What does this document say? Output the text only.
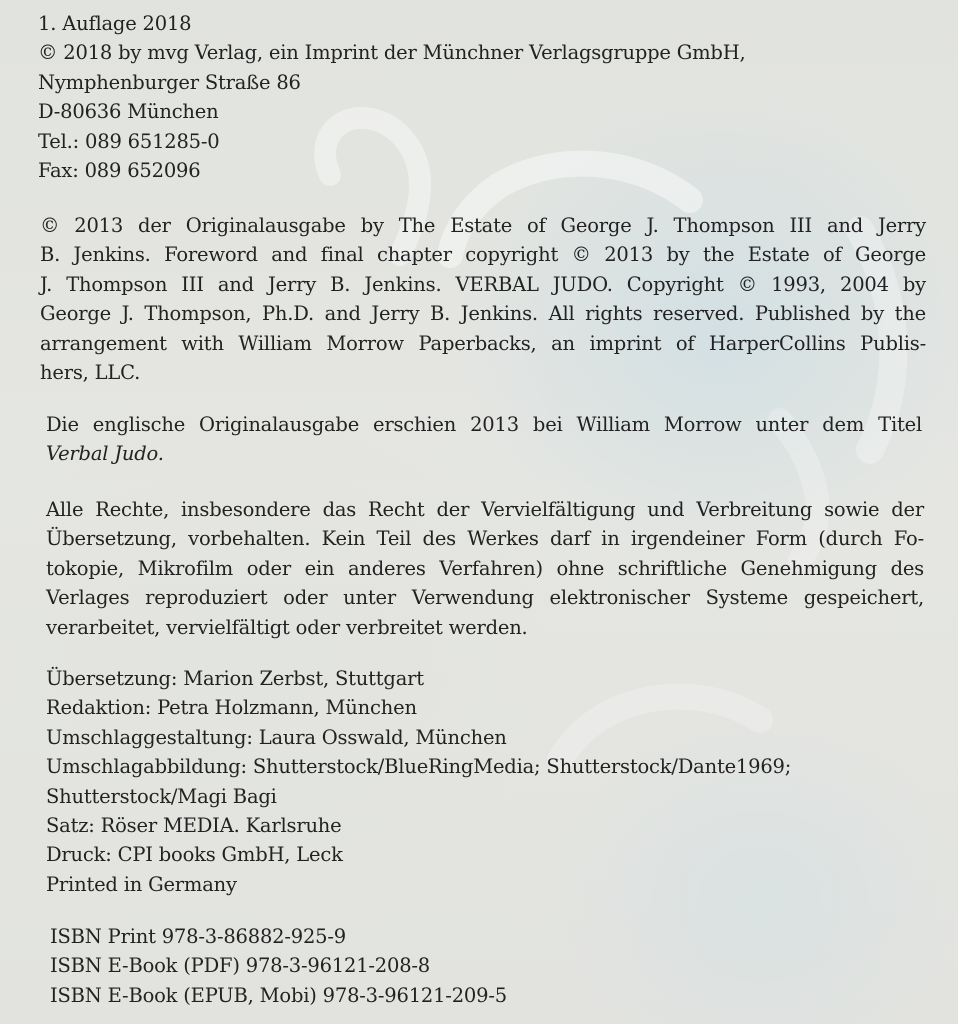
1. Auflage 2018
© 2018 by mvg Verlag, ein Imprint der Münchner Verlagsgruppe GmbH,
Nymphenburger Straße 86
D-80636 München
Tel.: 089 651285-0
Fax: 089 652096
© 2013 der Originalausgabe by The Estate of George J. Thompson III and Jerry
B. Jenkins. Foreword and final chapter copyright © 2013 by the Estate of George
J. Thompson III and Jerry B. Jenkins. VERBAL JUDO. Copyright © 1993, 2004 by
George J. Thompson, Ph.D. and Jerry B. Jenkins. All rights reserved. Published by the
arrangement with William Morrow Paperbacks, an imprint of HarperCollins Publis-
hers, LLC.
Die englische Originalausgabe erschien 2013 bei William Morrow unter dem Titel
Verbal Judo.
Alle Rechte, insbesondere das Recht der Vervielfältigung und Verbreitung sowie der
Übersetzung, vorbehalten. Kein Teil des Werkes darf in irgendeiner Form (durch Fo-
tokopie, Mikrofilm oder ein anderes Verfahren) ohne schriftliche Genehmigung des
Verlages reproduziert oder unter Verwendung elektronischer Systeme gespeichert,
verarbeitet, vervielfältigt oder verbreitet werden.
Übersetzung: Marion Zerbst, Stuttgart
Redaktion: Petra Holzmann, München
Umschlaggestaltung: Laura Osswald, München
Umschlagabbildung: Shutterstock/BlueRingMedia; Shutterstock/Dante1969;
Shutterstock/Magi Bagi
Satz: Röser MEDIA. Karlsruhe
Druck: CPI books GmbH, Leck
Printed in Germany
ISBN Print 978-3-86882-925-9
ISBN E-Book (PDF) 978-3-96121-208-8
ISBN E-Book (EPUB, Mobi) 978-3-96121-209-5
